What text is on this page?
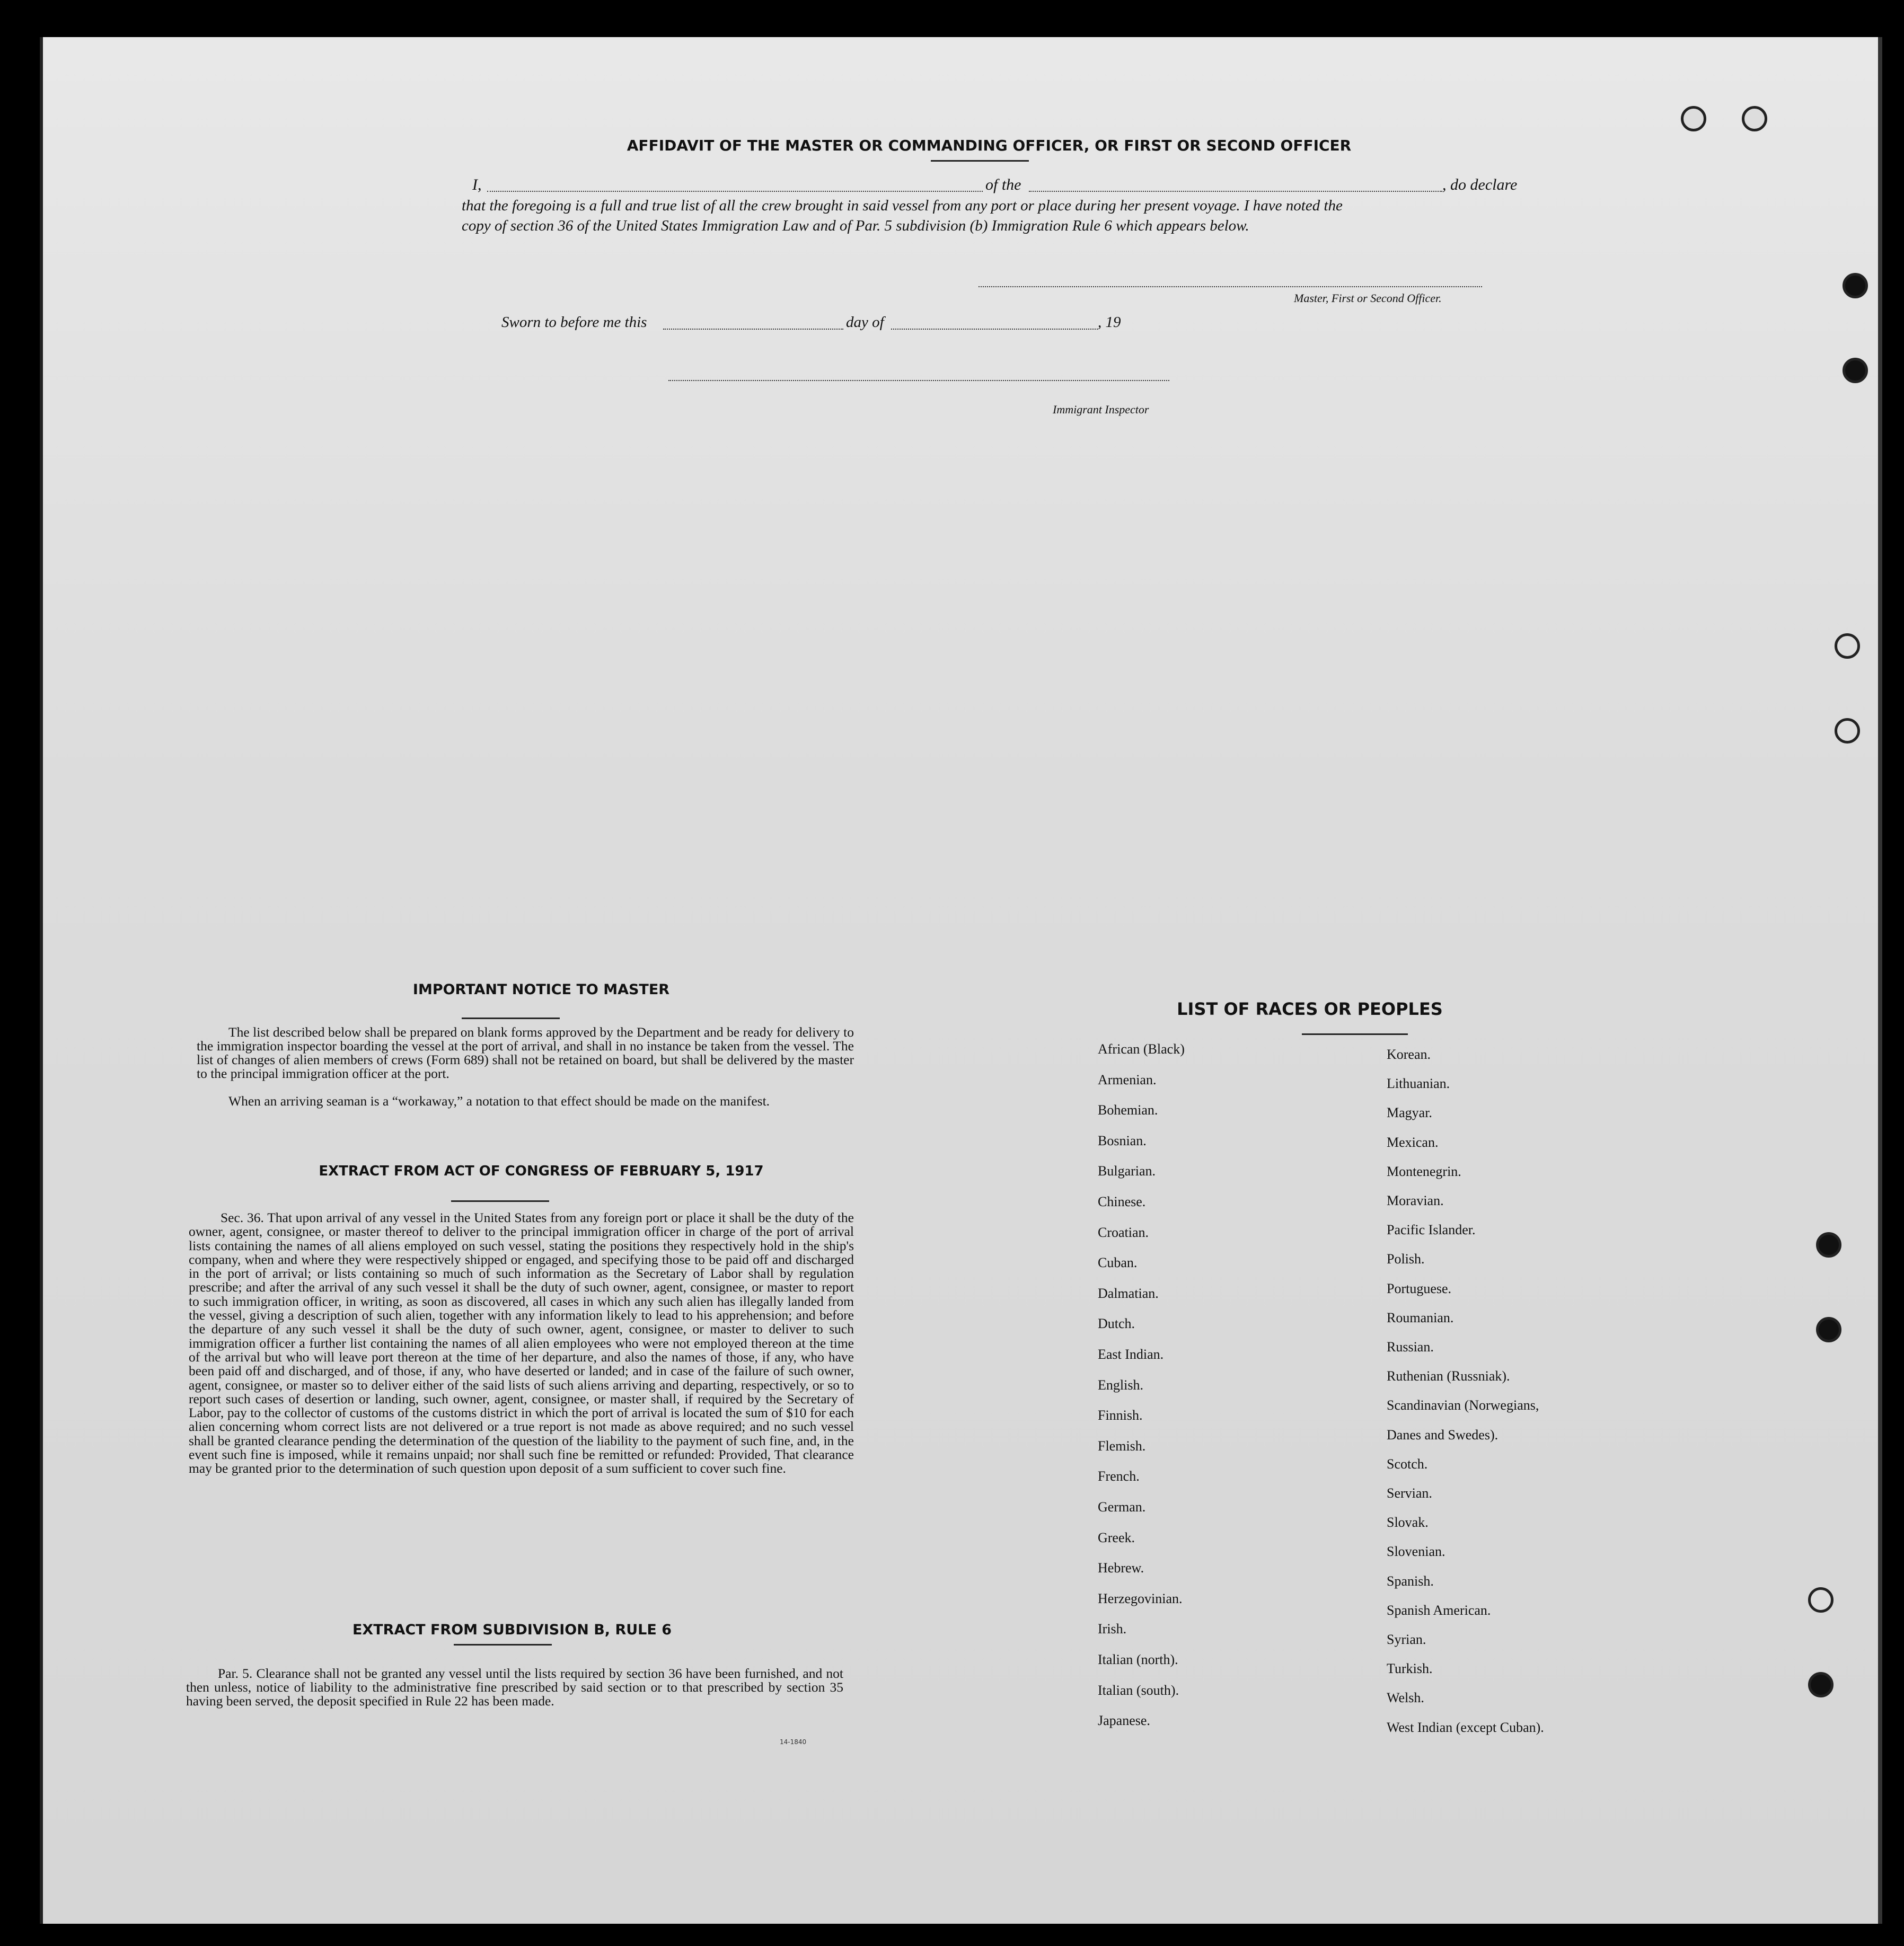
AFFIDAVIT OF THE MASTER OR COMMANDING OFFICER, OR FIRST OR SECOND OFFICER
I,	of the	, do declare
that the foregoing is a full and true list of all the crew brought in said vessel from any port or place during her present voyage. I have noted the
copy of section 36 of the United States Immigration Law and of Par. 5 subdivision (b) Immigration Rule 6 which appears below.
Master, First or Second Officer.
Sworn to before me this	day of	, 19
Immigrant Inspector
IMPORTANT NOTICE TO MASTER
The list described below shall be prepared on blank forms approved by the Department and be ready for delivery to the immigration inspector boarding the vessel at the port of arrival, and shall in no instance be taken from the vessel. The list of changes of alien members of crews (Form 689) shall not be retained on board, but shall be delivered by the master to the principal immigration officer at the port.
When an arriving seaman is a “workaway,” a notation to that effect should be made on the manifest.
EXTRACT FROM ACT OF CONGRESS OF FEBRUARY 5, 1917
Sec. 36. That upon arrival of any vessel in the United States from any foreign port or place it shall be the duty of the owner, agent, consignee, or master thereof to deliver to the principal immigration officer in charge of the port of arrival lists containing the names of all aliens employed on such vessel, stating the positions they respectively hold in the ship's company, when and where they were respectively shipped or engaged, and specifying those to be paid off and discharged in the port of arrival; or lists containing so much of such information as the Secretary of Labor shall by regulation prescribe; and after the arrival of any such vessel it shall be the duty of such owner, agent, consignee, or master to report to such immigration officer, in writing, as soon as discovered, all cases in which any such alien has illegally landed from the vessel, giving a description of such alien, together with any information likely to lead to his apprehension; and before the departure of any such vessel it shall be the duty of such owner, agent, consignee, or master to deliver to such immigration officer a further list containing the names of all alien employees who were not employed thereon at the time of the arrival but who will leave port thereon at the time of her departure, and also the names of those, if any, who have been paid off and discharged, and of those, if any, who have deserted or landed; and in case of the failure of such owner, agent, consignee, or master so to deliver either of the said lists of such aliens arriving and departing, respectively, or so to report such cases of desertion or landing, such owner, agent, consignee, or master shall, if required by the Secretary of Labor, pay to the collector of customs of the customs district in which the port of arrival is located the sum of $10 for each alien concerning whom correct lists are not delivered or a true report is not made as above required; and no such vessel shall be granted clearance pending the determination of the question of the liability to the payment of such fine, and, in the event such fine is imposed, while it remains unpaid; nor shall such fine be remitted or refunded: Provided, That clearance may be granted prior to the determination of such question upon deposit of a sum sufficient to cover such fine.
EXTRACT FROM SUBDIVISION B, RULE 6
Par. 5. Clearance shall not be granted any vessel until the lists required by section 36 have been furnished, and not then unless, notice of liability to the administrative fine prescribed by said section or to that prescribed by section 35 having been served, the deposit specified in Rule 22 has been made.
14-1840
LIST OF RACES OR PEOPLES
African (Black)
Armenian.
Bohemian.
Bosnian.
Bulgarian.
Chinese.
Croatian.
Cuban.
Dalmatian.
Dutch.
East Indian.
English.
Finnish.
Flemish.
French.
German.
Greek.
Hebrew.
Herzegovinian.
Irish.
Italian (north).
Italian (south).
Japanese.
Korean.
Lithuanian.
Magyar.
Mexican.
Montenegrin.
Moravian.
Pacific Islander.
Polish.
Portuguese.
Roumanian.
Russian.
Ruthenian (Russniak).
Scandinavian (Norwegians,
Danes and Swedes).
Scotch.
Servian.
Slovak.
Slovenian.
Spanish.
Spanish American.
Syrian.
Turkish.
Welsh.
West Indian (except Cuban).
